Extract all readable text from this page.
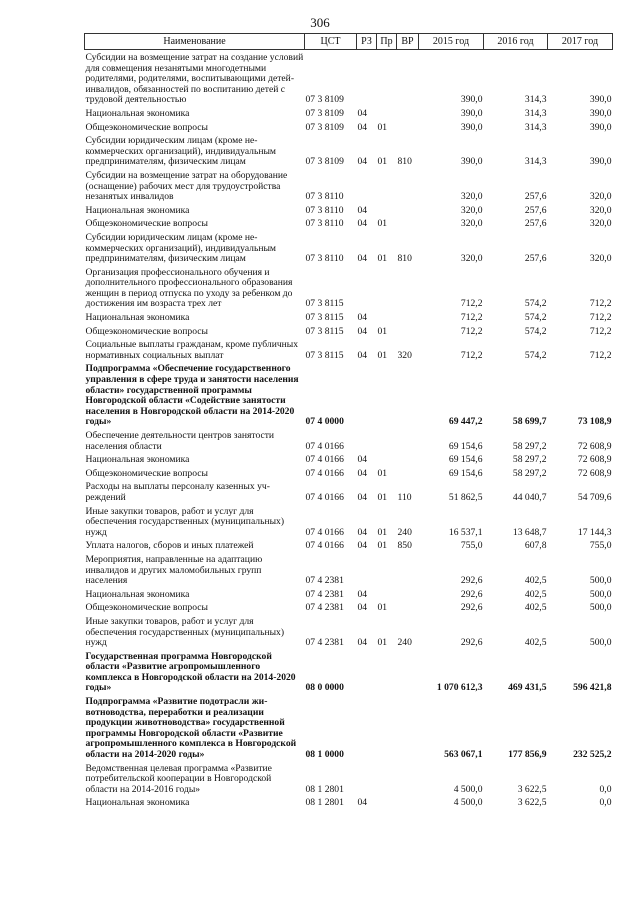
306
Наименование	ЦСТ	РЗ	Пр	ВР	2015 год	2016 год	2017 год
Субсидии на возмещение затрат на создание условий для совмещения незанятыми многодетными родителями, родителями, воспитывающими детей-инвалидов, обязанностей по воспитанию детей с трудовой деятельностью	07 3 8109				390,0	314,3	390,0
Национальная экономика	07 3 8109	04			390,0	314,3	390,0
Общеэкономические вопросы	07 3 8109	04	01		390,0	314,3	390,0
Субсидии юридическим лицам (кроме некоммерческих организаций), индивидуальным предпринимателям, физическим лицам	07 3 8109	04	01	810	390,0	314,3	390,0
Субсидии на возмещение затрат на оборудование (оснащение) рабочих мест для трудоустройства незанятых инвалидов	07 3 8110				320,0	257,6	320,0
Национальная экономика	07 3 8110	04			320,0	257,6	320,0
Общеэкономические вопросы	07 3 8110	04	01		320,0	257,6	320,0
Субсидии юридическим лицам (кроме некоммерческих организаций), индивидуальным предпринимателям, физическим лицам	07 3 8110	04	01	810	320,0	257,6	320,0
Организация профессионального обучения и дополнительного профессионального образования женщин в период отпуска по уходу за ребенком до достижения им возраста трех лет	07 3 8115				712,2	574,2	712,2
Национальная экономика	07 3 8115	04			712,2	574,2	712,2
Общеэкономические вопросы	07 3 8115	04	01		712,2	574,2	712,2
Социальные выплаты гражданам, кроме публичных нормативных социальных выплат	07 3 8115	04	01	320	712,2	574,2	712,2
Подпрограмма «Обеспечение государственного управления в сфере труда и занятости населения области» государственной программы Новгородской области «Содействие занятости населения в Новгородской области на 2014-2020 годы»	07 4 0000				69 447,2	58 699,7	73 108,9
Обеспечение деятельности центров занятости населения области	07 4 0166				69 154,6	58 297,2	72 608,9
Национальная экономика	07 4 0166	04			69 154,6	58 297,2	72 608,9
Общеэкономические вопросы	07 4 0166	04	01		69 154,6	58 297,2	72 608,9
Расходы на выплаты персоналу казенных учреждений	07 4 0166	04	01	110	51 862,5	44 040,7	54 709,6
Иные закупки товаров, работ и услуг для обеспечения государственных (муниципальных) нужд	07 4 0166	04	01	240	16 537,1	13 648,7	17 144,3
Уплата налогов, сборов и иных платежей	07 4 0166	04	01	850	755,0	607,8	755,0
Мероприятия, направленные на адаптацию инвалидов и других маломобильных групп населения	07 4 2381				292,6	402,5	500,0
Национальная экономика	07 4 2381	04			292,6	402,5	500,0
Общеэкономические вопросы	07 4 2381	04	01		292,6	402,5	500,0
Иные закупки товаров, работ и услуг для обеспечения государственных (муниципальных) нужд	07 4 2381	04	01	240	292,6	402,5	500,0
Государственная программа Новгородской области «Развитие агропромышленного комплекса в Новгородской области на 2014-2020 годы»	08 0 0000				1 070 612,3	469 431,5	596 421,8
Подпрограмма «Развитие подотрасли животноводства, переработки и реализации продукции животноводства» государственной программы Новгородской области «Развитие агропромышленного комплекса в Новгородской области на 2014-2020 годы»	08 1 0000				563 067,1	177 856,9	232 525,2
Ведомственная целевая программа «Развитие потребительской кооперации в Новгородской области на 2014-2016 годы»	08 1 2801				4 500,0	3 622,5	0,0
Национальная экономика	08 1 2801	04			4 500,0	3 622,5	0,0
